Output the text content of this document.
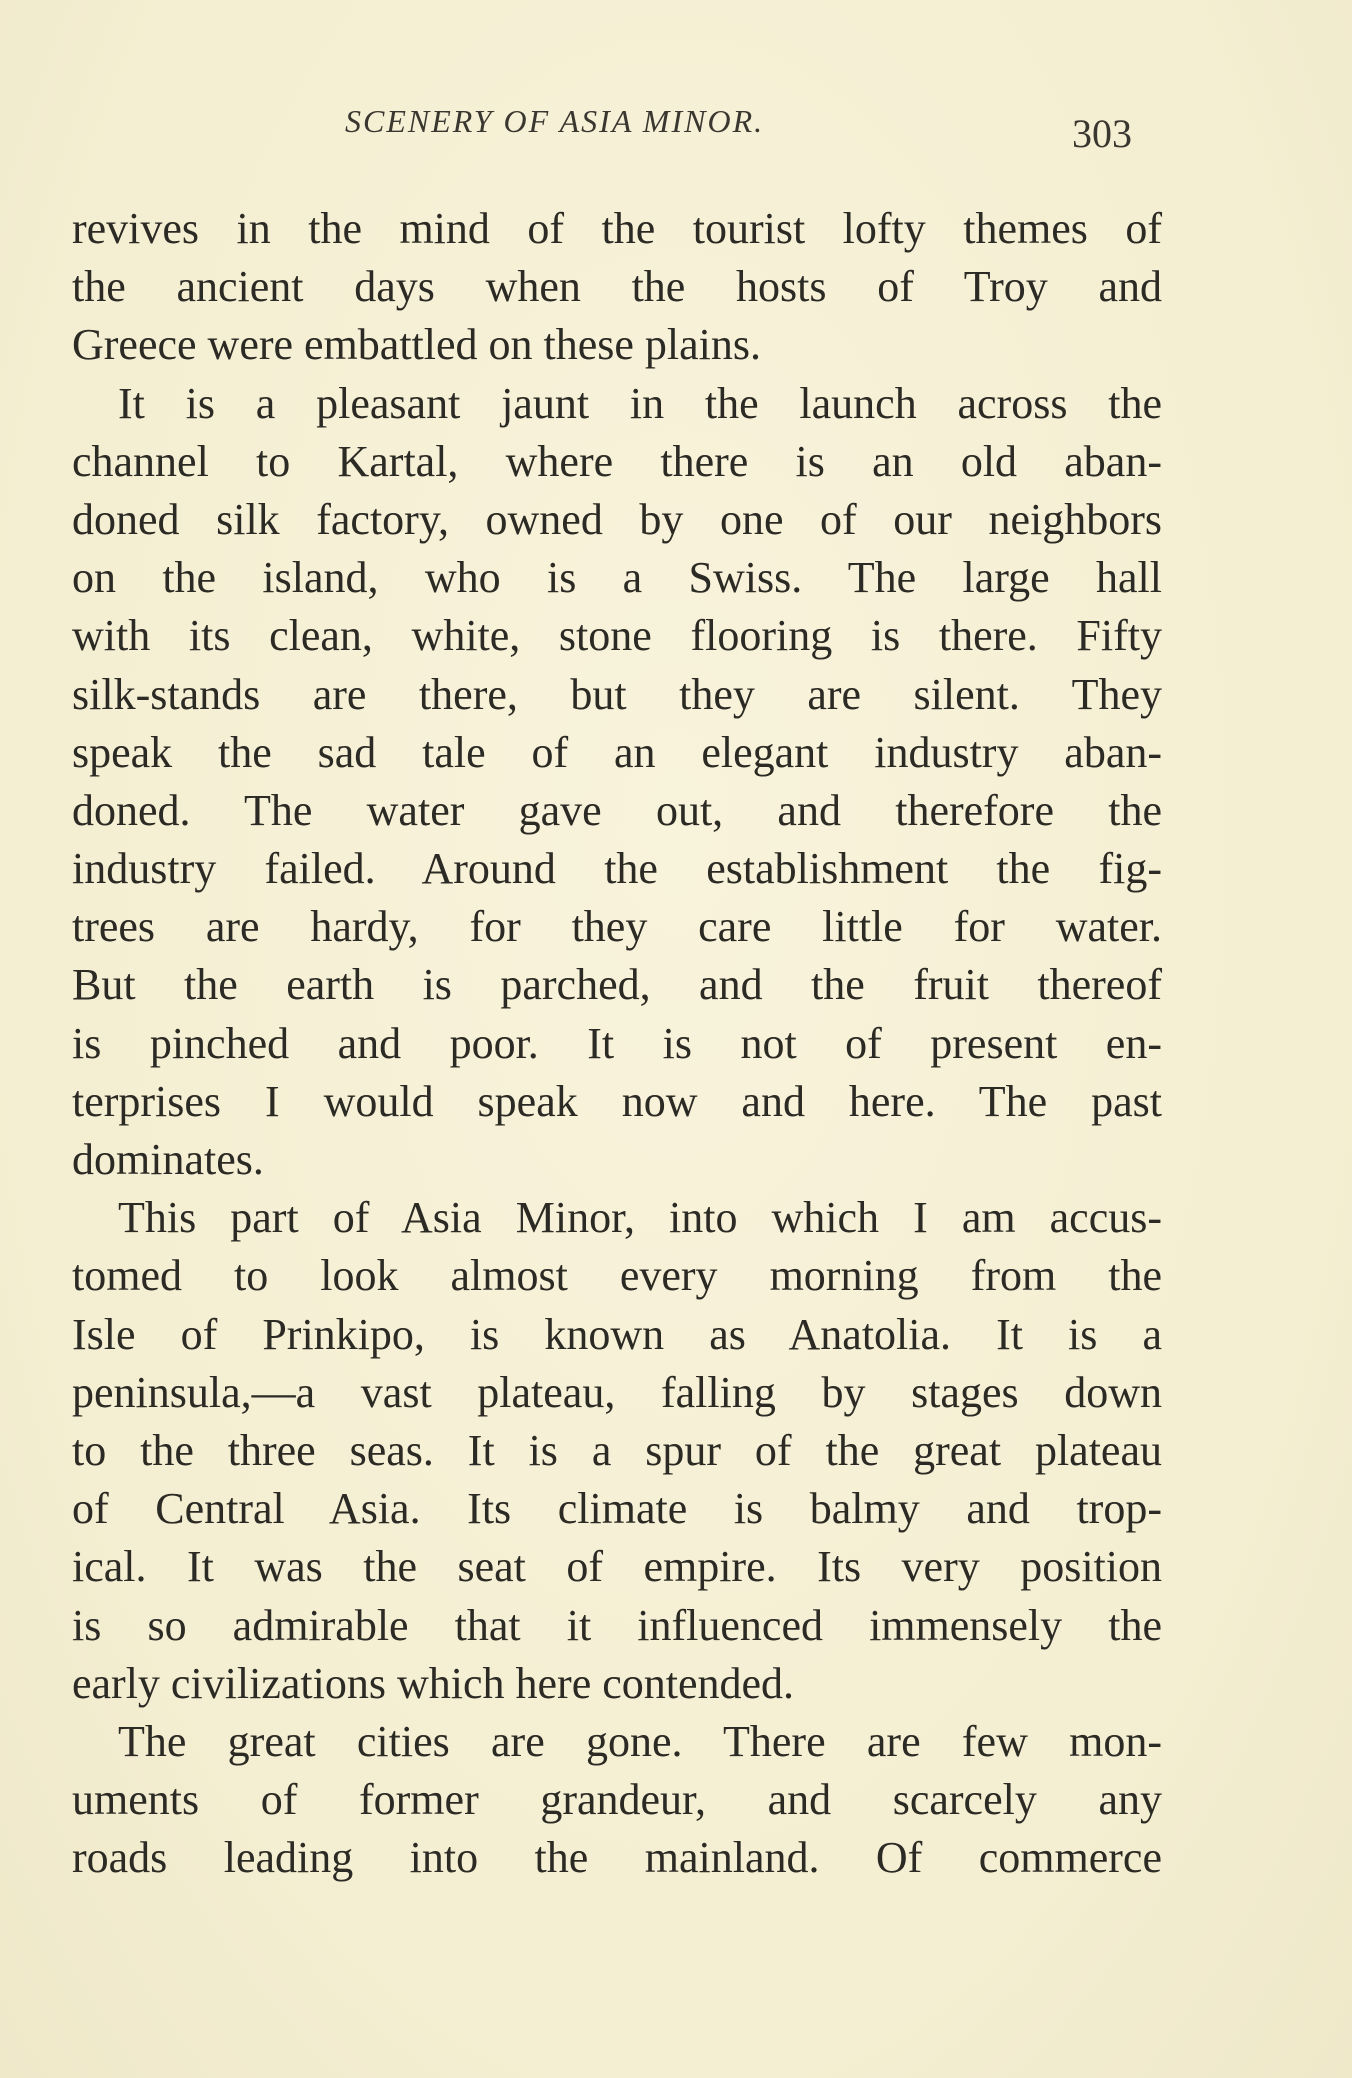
SCENERY OF ASIA MINOR.	303
revives in the mind of the tourist lofty themes of
the ancient days when the hosts of Troy and
Greece were embattled on these plains.
It is a pleasant jaunt in the launch across the
channel to Kartal, where there is an old aban-
doned silk factory, owned by one of our neighbors
on the island, who is a Swiss. The large hall
with its clean, white, stone flooring is there. Fifty
silk-stands are there, but they are silent. They
speak the sad tale of an elegant industry aban-
doned. The water gave out, and therefore the
industry failed. Around the establishment the fig-
trees are hardy, for they care little for water.
But the earth is parched, and the fruit thereof
is pinched and poor. It is not of present en-
terprises I would speak now and here. The past
dominates.
This part of Asia Minor, into which I am accus-
tomed to look almost every morning from the
Isle of Prinkipo, is known as Anatolia. It is a
peninsula,—a vast plateau, falling by stages down
to the three seas. It is a spur of the great plateau
of Central Asia. Its climate is balmy and trop-
ical. It was the seat of empire. Its very position
is so admirable that it influenced immensely the
early civilizations which here contended.
The great cities are gone. There are few mon-
uments of former grandeur, and scarcely any
roads leading into the mainland. Of commerce
